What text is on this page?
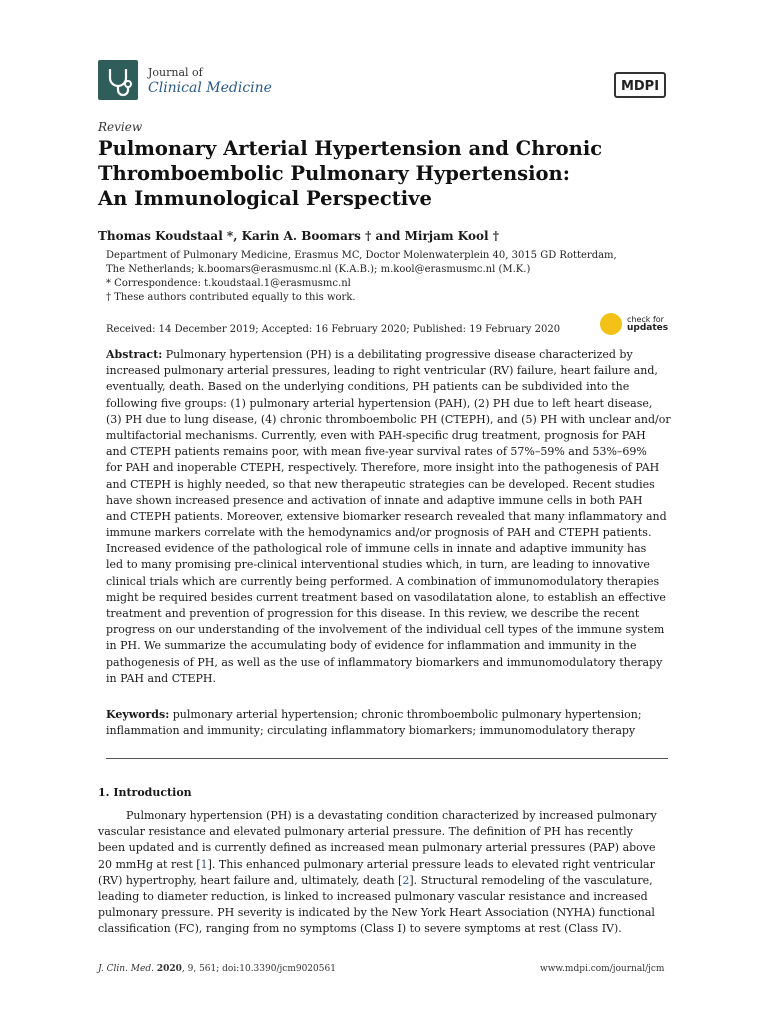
Journal of
Clinical Medicine	MDPI
Review
Pulmonary Arterial Hypertension and Chronic
Thromboembolic Pulmonary Hypertension:
An Immunological Perspective
Thomas Koudstaal *, Karin A. Boomars † and Mirjam Kool †
Department of Pulmonary Medicine, Erasmus MC, Doctor Molenwaterplein 40, 3015 GD Rotterdam,
The Netherlands; k.boomars@erasmusmc.nl (K.A.B.); m.kool@erasmusmc.nl (M.K.)
* Correspondence: t.koudstaal.1@erasmusmc.nl
† These authors contributed equally to this work.
Received: 14 December 2019; Accepted: 16 February 2020; Published: 19 February 2020
check for
updates
Abstract: Pulmonary hypertension (PH) is a debilitating progressive disease characterized by
increased pulmonary arterial pressures, leading to right ventricular (RV) failure, heart failure and,
eventually, death. Based on the underlying conditions, PH patients can be subdivided into the
following five groups: (1) pulmonary arterial hypertension (PAH), (2) PH due to left heart disease,
(3) PH due to lung disease, (4) chronic thromboembolic PH (CTEPH), and (5) PH with unclear and/or
multifactorial mechanisms. Currently, even with PAH-specific drug treatment, prognosis for PAH
and CTEPH patients remains poor, with mean five-year survival rates of 57%–59% and 53%–69%
for PAH and inoperable CTEPH, respectively. Therefore, more insight into the pathogenesis of PAH
and CTEPH is highly needed, so that new therapeutic strategies can be developed. Recent studies
have shown increased presence and activation of innate and adaptive immune cells in both PAH
and CTEPH patients. Moreover, extensive biomarker research revealed that many inflammatory and
immune markers correlate with the hemodynamics and/or prognosis of PAH and CTEPH patients.
Increased evidence of the pathological role of immune cells in innate and adaptive immunity has
led to many promising pre-clinical interventional studies which, in turn, are leading to innovative
clinical trials which are currently being performed. A combination of immunomodulatory therapies
might be required besides current treatment based on vasodilatation alone, to establish an effective
treatment and prevention of progression for this disease. In this review, we describe the recent
progress on our understanding of the involvement of the individual cell types of the immune system
in PH. We summarize the accumulating body of evidence for inflammation and immunity in the
pathogenesis of PH, as well as the use of inflammatory biomarkers and immunomodulatory therapy
in PAH and CTEPH.
Keywords: pulmonary arterial hypertension; chronic thromboembolic pulmonary hypertension;
inflammation and immunity; circulating inflammatory biomarkers; immunomodulatory therapy
1. Introduction
Pulmonary hypertension (PH) is a devastating condition characterized by increased pulmonary
vascular resistance and elevated pulmonary arterial pressure. The definition of PH has recently
been updated and is currently defined as increased mean pulmonary arterial pressures (PAP) above
20 mmHg at rest [1]. This enhanced pulmonary arterial pressure leads to elevated right ventricular
(RV) hypertrophy, heart failure and, ultimately, death [2]. Structural remodeling of the vasculature,
leading to diameter reduction, is linked to increased pulmonary vascular resistance and increased
pulmonary pressure. PH severity is indicated by the New York Heart Association (NYHA) functional
classification (FC), ranging from no symptoms (Class I) to severe symptoms at rest (Class IV).
J. Clin. Med. 2020, 9, 561; doi:10.3390/jcm9020561	www.mdpi.com/journal/jcm
